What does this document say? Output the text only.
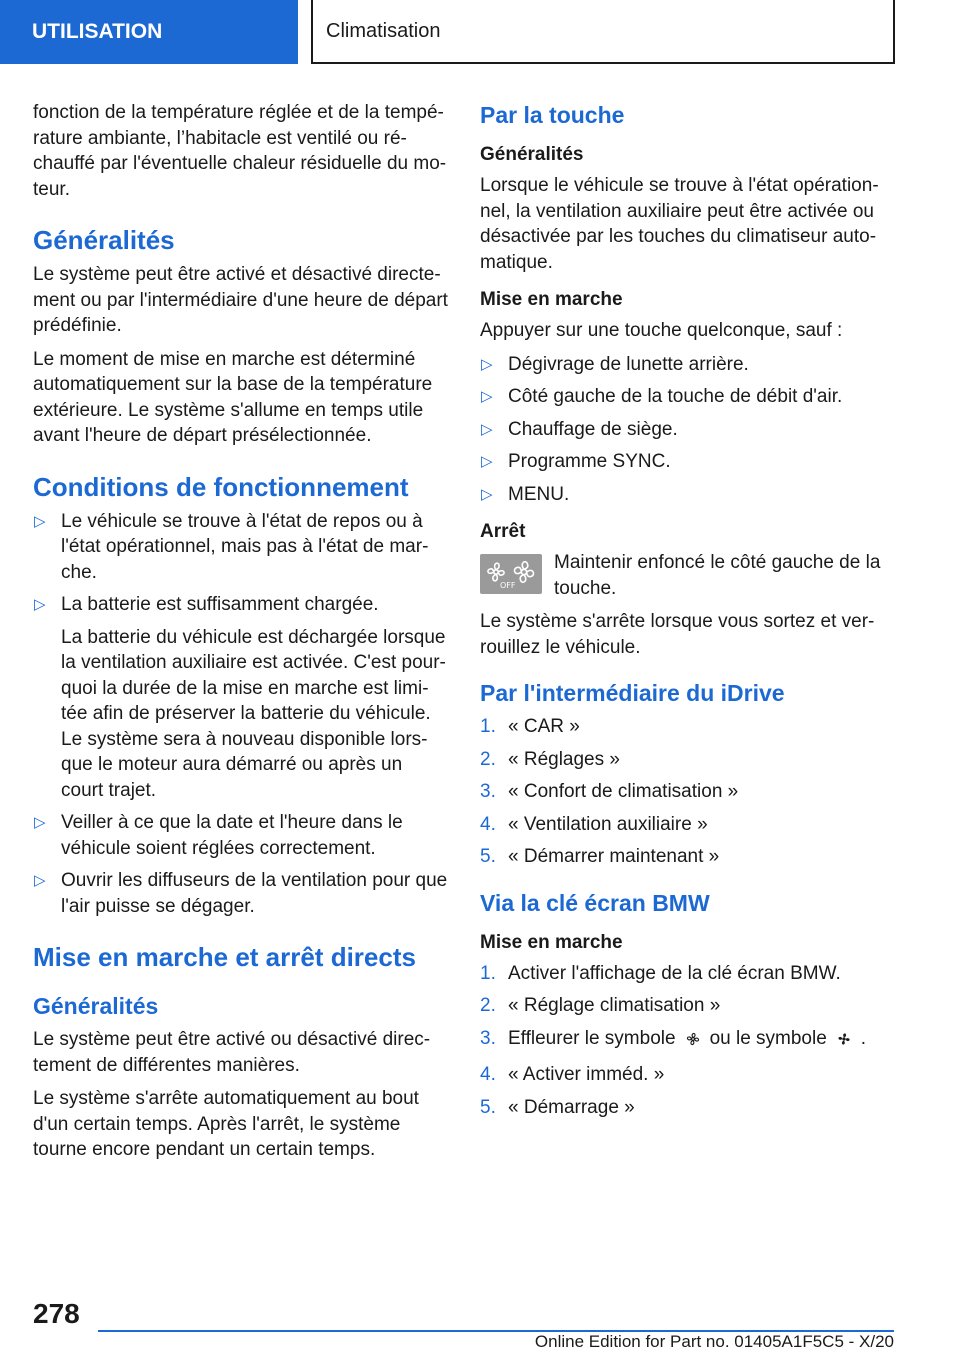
UTILISATION	Climatisation

fonction de la température réglée et de la température ambiante, l’habitacle est ventilé ou réchauffé par l'éventuelle chaleur résiduelle du moteur.

Généralités

Le système peut être activé et désactivé directement ou par l'intermédiaire d'une heure de départ prédéfinie.

Le moment de mise en marche est déterminé automatiquement sur la base de la température extérieure. Le système s'allume en temps utile avant l'heure de départ présélectionnée.

Conditions de fonctionnement
▷ Le véhicule se trouve à l'état de repos ou à l'état opérationnel, mais pas à l'état de marche.
▷ La batterie est suffisamment chargée.

La batterie du véhicule est déchargée lorsque la ventilation auxiliaire est activée. C'est pourquoi la durée de la mise en marche est limitée afin de préserver la batterie du véhicule. Le système sera à nouveau disponible lorsque le moteur aura démarré ou après un court trajet.

▷ Veiller à ce que la date et l'heure dans le véhicule soient réglées correctement.
▷ Ouvrir les diffuseurs de la ventilation pour que l'air puisse se dégager.
Mise en marche et arrêt directs
Généralités

Le système peut être activé ou désactivé directement de différentes manières.

Le système s'arrête automatiquement au bout d'un certain temps. Après l'arrêt, le système tourne encore pendant un certain temps.

Par la touche
Généralités

Lorsque le véhicule se trouve à l'état opérationnel, la ventilation auxiliaire peut être activée ou désactivée par les touches du climatiseur automatique.

Mise en marche

Appuyer sur une touche quelconque, sauf :

▷ Dégivrage de lunette arrière.
▷ Côté gauche de la touche de débit d'air.
▷ Chauffage de siège.
▷ Programme SYNC.
▷ MENU.
Arrêt
OFF
Maintenir enfoncé le côté gauche de la touche.

Le système s'arrête lorsque vous sortez et verrouillez le véhicule.

Par l'intermédiaire du iDrive
1. « CAR »
2. « Réglages »
3. « Confort de climatisation »
4. « Ventilation auxiliaire »
5. « Démarrer maintenant »
Via la clé écran BMW
Mise en marche
1. Activer l'affichage de la clé écran BMW.
2. « Réglage climatisation »
3. Effleurer le symbole ou le symbole .
4. « Activer imméd. »
5. « Démarrage »
278
Online Edition for Part no. 01405A1F5C5 - X/20
